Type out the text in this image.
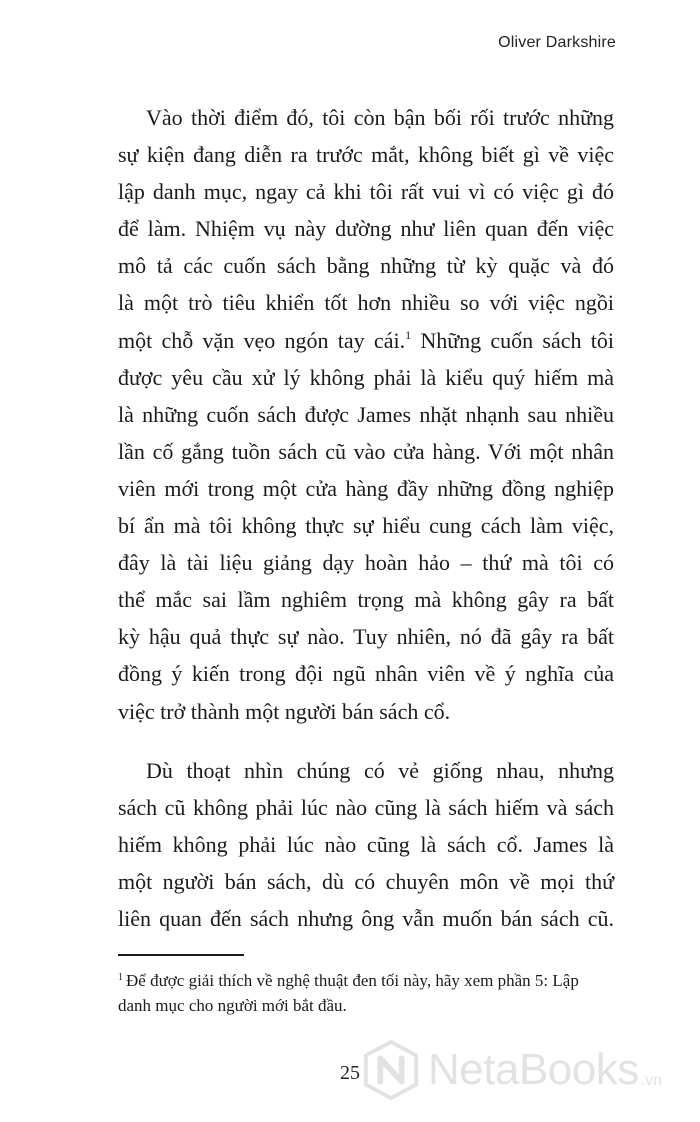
Oliver Darkshire

Vào thời điểm đó, tôi còn bận bối rối trước những
sự kiện đang diễn ra trước mắt, không biết gì về việc
lập danh mục, ngay cả khi tôi rất vui vì có việc gì đó
để làm. Nhiệm vụ này dường như liên quan đến việc
mô tả các cuốn sách bằng những từ kỳ quặc và đó
là một trò tiêu khiển tốt hơn nhiều so với việc ngồi
một chỗ vặn vẹo ngón tay cái.$^1$ Những cuốn sách tôi
được yêu cầu xử lý không phải là kiểu quý hiếm mà
là những cuốn sách được James nhặt nhạnh sau nhiều
lần cố gắng tuồn sách cũ vào cửa hàng. Với một nhân
viên mới trong một cửa hàng đầy những đồng nghiệp
bí ẩn mà tôi không thực sự hiểu cung cách làm việc,
đây là tài liệu giảng dạy hoàn hảo – thứ mà tôi có
thể mắc sai lầm nghiêm trọng mà không gây ra bất
kỳ hậu quả thực sự nào. Tuy nhiên, nó đã gây ra bất
đồng ý kiến trong đội ngũ nhân viên về ý nghĩa của
việc trở thành một người bán sách cổ.

Dù thoạt nhìn chúng có vẻ giống nhau, nhưng
sách cũ không phải lúc nào cũng là sách hiếm và sách
hiếm không phải lúc nào cũng là sách cổ. James là
một người bán sách, dù có chuyên môn về mọi thứ
liên quan đến sách nhưng ông vẫn muốn bán sách cũ.

$^1$ Để được giải thích về nghệ thuật đen tối này, hãy xem phần 5: Lập
danh mục cho người mới bắt đầu.
NetaBooks .vn
25
